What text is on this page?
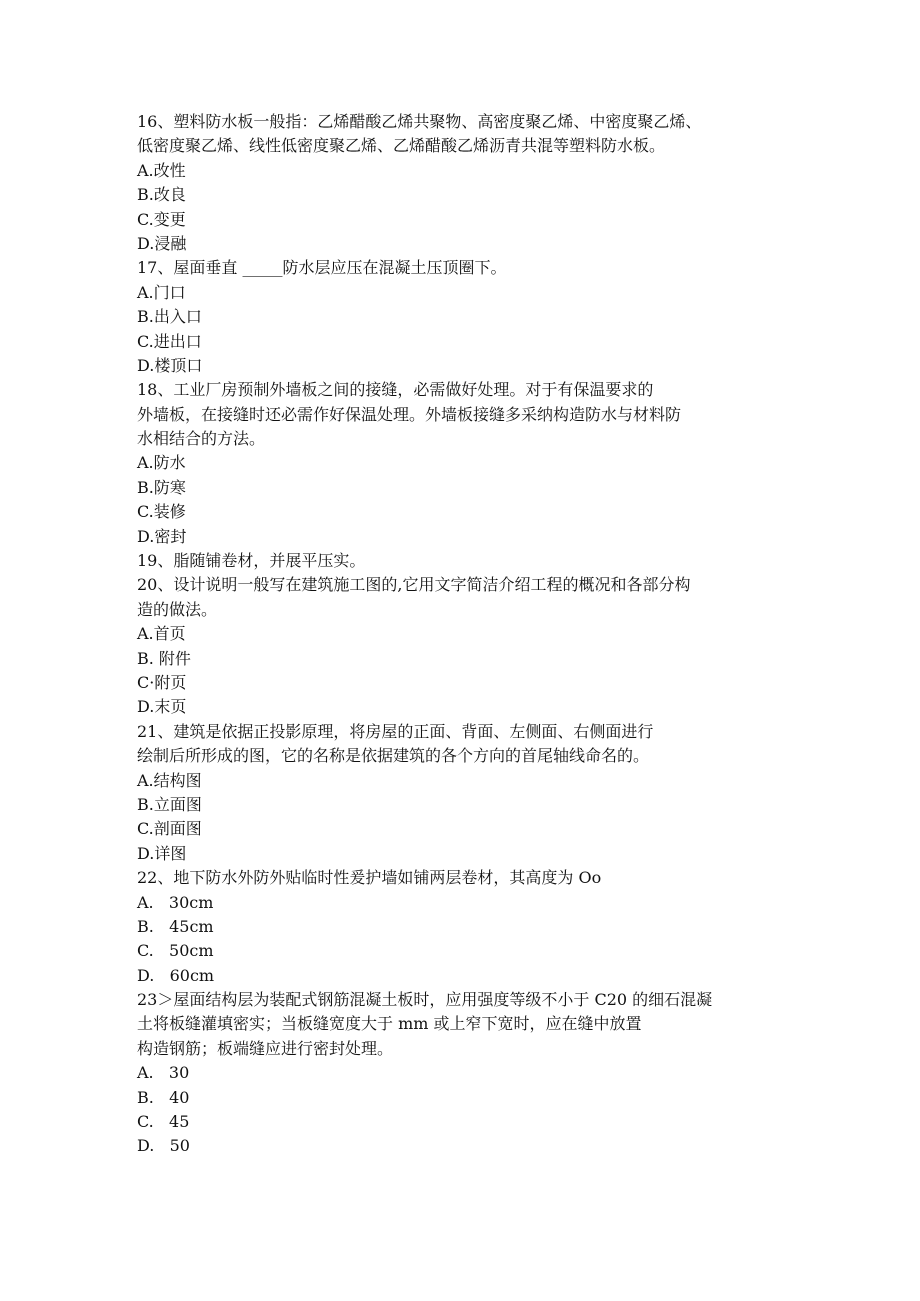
16、塑料防水板一般指：乙烯醋酸乙烯共聚物、高密度聚乙烯、中密度聚乙烯、
低密度聚乙烯、线性低密度聚乙烯、乙烯醋酸乙烯沥青共混等塑料防水板。
A.改性
B.改良
C.变更
D.浸融
17、屋面垂直 _____防水层应压在混凝土压顶圈下。
A.门口
B.出入口
C.进出口
D.楼顶口
18、工业厂房预制外墙板之间的接缝，必需做好处理。对于有保温要求的
外墙板，在接缝时还必需作好保温处理。外墙板接缝多采纳构造防水与材料防
水相结合的方法。
A.防水
B.防寒
C.装修
D.密封
19、脂随铺卷材，并展平压实。
20、设计说明一般写在建筑施工图的,它用文字简洁介绍工程的概况和各部分构
造的做法。
A.首页
B. 附件
C·附页
D.末页
21、建筑是依据正投影原理，将房屋的正面、背面、左侧面、右侧面进行
绘制后所形成的图，它的名称是依据建筑的各个方向的首尾轴线命名的。
A.结构图
B.立面图
C.剖面图
D.详图
22、地下防水外防外贴临时性爰护墙如铺两层卷材，其高度为 Oo
A.   30cm
B.   45cm
C.   50cm
D.   60cm
23＞屋面结构层为装配式钢筋混凝土板时，应用强度等级不小于 C20 的细石混凝
土将板缝灌填密实；当板缝宽度大于 mm 或上窄下宽时，应在缝中放置
构造钢筋；板端缝应进行密封处理。
A.   30
B.   40
C.   45
D.   50
